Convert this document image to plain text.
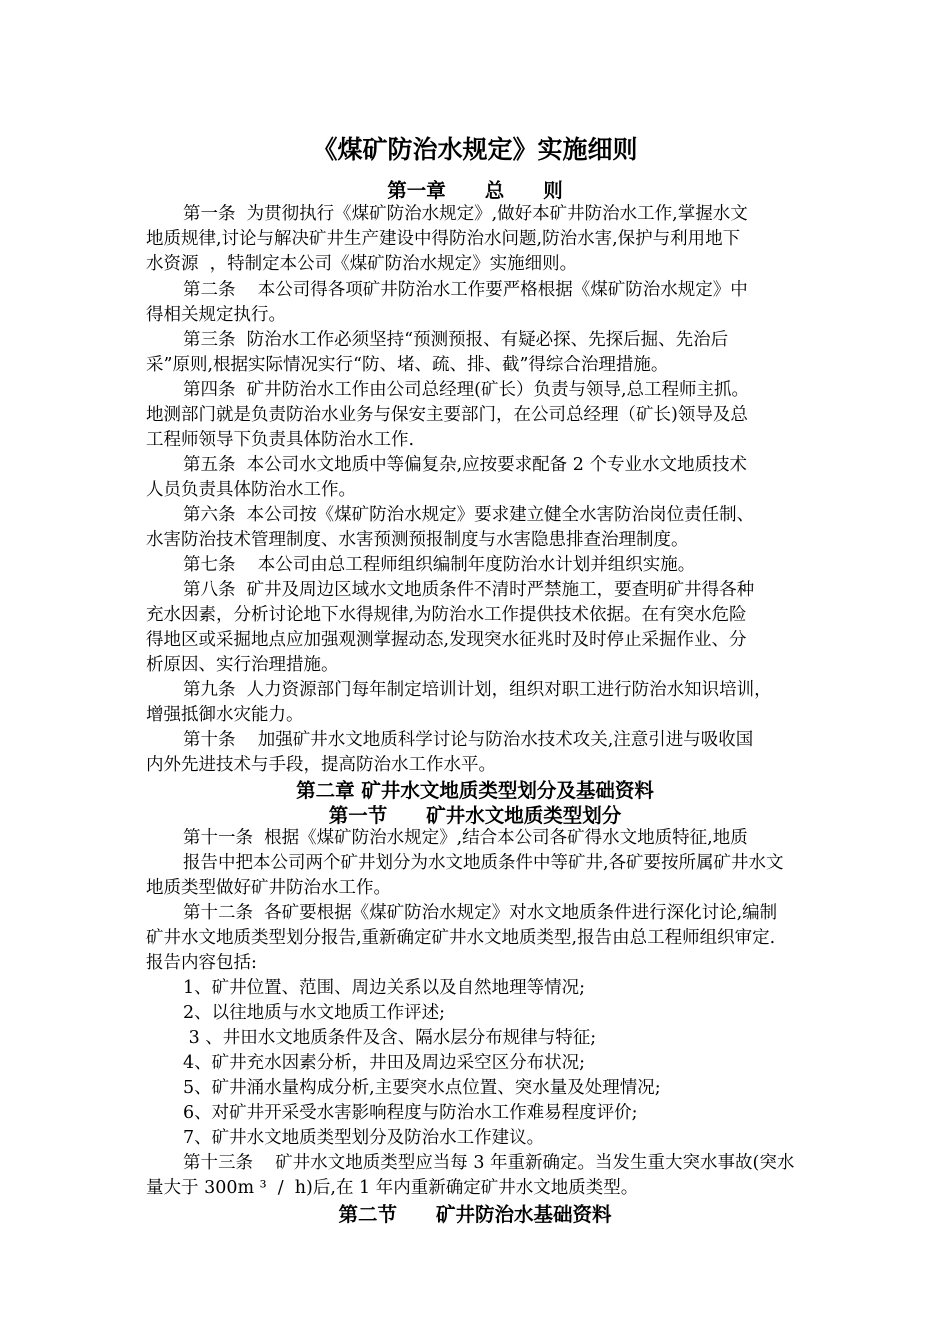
《煤矿防治水规定》实施细则
第一章　　总　　则
第一条  为贯彻执行《煤矿防治水规定》,做好本矿井防治水工作,掌握水文
地质规律,讨论与解决矿井生产建设中得防治水问题,防治水害,保护与利用地下
水资源  ，特制定本公司《煤矿防治水规定》实施细则。
第二条    本公司得各项矿井防治水工作要严格根据《煤矿防治水规定》中
得相关规定执行。
第三条  防治水工作必须坚持“预测预报、有疑必探、先探后掘、先治后
采”原则,根据实际情况实行“防、堵、疏、排、截”得综合治理措施。
第四条  矿井防治水工作由公司总经理(矿长）负责与领导,总工程师主抓。
地测部门就是负责防治水业务与保安主要部门，在公司总经理（矿长)领导及总
工程师领导下负责具体防治水工作.
第五条  本公司水文地质中等偏复杂,应按要求配备 2 个专业水文地质技术
人员负责具体防治水工作。
第六条  本公司按《煤矿防治水规定》要求建立健全水害防治岗位责任制、
水害防治技术管理制度、水害预测预报制度与水害隐患排查治理制度。
第七条    本公司由总工程师组织编制年度防治水计划并组织实施。
第八条  矿井及周边区域水文地质条件不清时严禁施工，要查明矿井得各种
充水因素，分析讨论地下水得规律,为防治水工作提供技术依据。在有突水危险
得地区或采掘地点应加强观测掌握动态,发现突水征兆时及时停止采掘作业、分
析原因、实行治理措施。
第九条  人力资源部门每年制定培训计划，组织对职工进行防治水知识培训，
增强抵御水灾能力。
第十条    加强矿井水文地质科学讨论与防治水技术攻关,注意引进与吸收国
内外先进技术与手段，提高防治水工作水平。
第二章 矿井水文地质类型划分及基础资料
第一节　　矿井水文地质类型划分
第十一条  根据《煤矿防治水规定》,结合本公司各矿得水文地质特征,地质
报告中把本公司两个矿井划分为水文地质条件中等矿井,各矿要按所属矿井水文
地质类型做好矿井防治水工作。
第十二条  各矿要根据《煤矿防治水规定》对水文地质条件进行深化讨论,编制
矿井水文地质类型划分报告,重新确定矿井水文地质类型,报告由总工程师组织审定.
报告内容包括:
1、矿井位置、范围、周边关系以及自然地理等情况;
2、以往地质与水文地质工作评述;
3 、井田水文地质条件及含、隔水层分布规律与特征;
4、矿井充水因素分析，井田及周边采空区分布状况;
5、矿井涌水量构成分析,主要突水点位置、突水量及处理情况;
6、对矿井开采受水害影响程度与防治水工作难易程度评价;
7、矿井水文地质类型划分及防治水工作建议。
第十三条    矿井水文地质类型应当每 3 年重新确定。当发生重大突水事故(突水
量大于 300m ³  /  h)后,在 1 年内重新确定矿井水文地质类型。
第二节　　矿井防治水基础资料
